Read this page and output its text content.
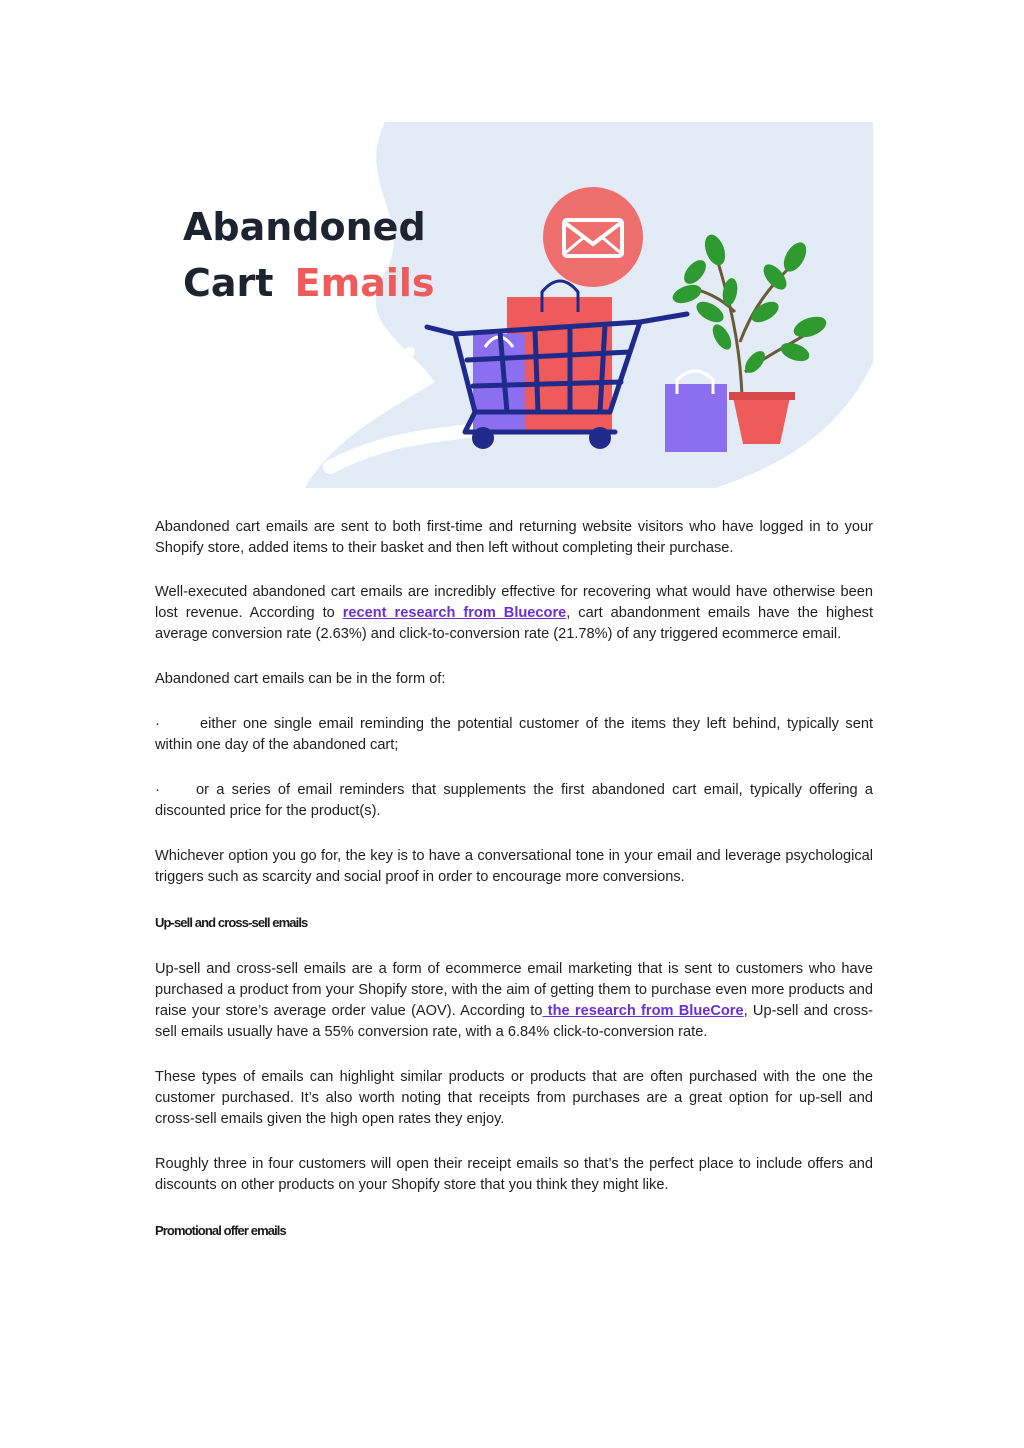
Abandoned
Cart Emails

Abandoned cart emails are sent to both first-time and returning website visitors who have logged in to your Shopify store, added items to their basket and then left without completing their purchase.

Well-executed abandoned cart emails are incredibly effective for recovering what would have otherwise been lost revenue. According to recent research from Bluecore, cart abandonment emails have the highest average conversion rate (2.63%) and click-to-conversion rate (21.78%) of any triggered ecommerce email.

Abandoned cart emails can be in the form of:

·	either one single email reminding the potential customer of the items they left behind, typically sent within one day of the abandoned cart;

· or a series of email reminders that supplements the first abandoned cart email, typically offering a discounted price for the product(s).

Whichever option you go for, the key is to have a conversational tone in your email and leverage psychological triggers such as scarcity and social proof in order to encourage more conversions.

Up-sell and cross-sell emails

Up-sell and cross-sell emails are a form of ecommerce email marketing that is sent to customers who have purchased a product from your Shopify store, with the aim of getting them to purchase even more products and raise your store’s average order value (AOV). According to the research from BlueCore, Up-sell and cross-sell emails usually have a 55% conversion rate, with a 6.84% click-to-conversion rate.

These types of emails can highlight similar products or products that are often purchased with the one the customer purchased. It’s also worth noting that receipts from purchases are a great option for up-sell and cross-sell emails given the high open rates they enjoy.

Roughly three in four customers will open their receipt emails so that’s the perfect place to include offers and discounts on other products on your Shopify store that you think they might like.

Promotional offer emails
